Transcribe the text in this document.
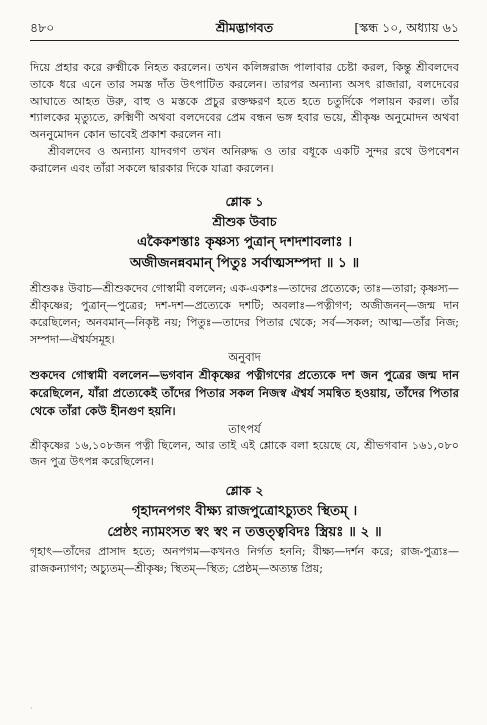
৪৮০	শ্রীমদ্ভাগবত	[স্কন্ধ ১০, অধ্যায় ৬১

দিয়ে প্রহার করে রুক্মীকে নিহত করলেন। তখন কলিঙ্গরাজ পালাবার চেষ্টা করল, কিন্তু শ্রীবলদেব তাকে ধরে এনে তার সমস্ত দাঁত উৎপাটিত করলেন। তারপর অন্যান্য অসৎ রাজারা, বলদেবের আঘাতে আহত উরু, বাহু ও মস্তকে প্রচুর রক্তক্ষরণ হতে হতে চতুর্দিকে পলায়ন করল। তাঁর শ্যালকের মৃত্যুতে, রুক্মিণী অথবা বলদেবের প্রেম বন্ধন ভঙ্গ হবার ভয়ে, শ্রীকৃষ্ণ অনুমোদন অথবা অননুমোদন কোন ভাবেই প্রকাশ করলেন না।

শ্রীবলদেব ও অন্যান্য যাদবগণ তখন অনিরুদ্ধ ও তার বধূকে একটি সুন্দর রথে উপবেশন করালেন এবং তাঁরা সকলে দ্বারকার দিকে যাত্রা করলেন।

শ্লোক ১
শ্রীশুক উবাচ
একৈকশস্তাঃ কৃষ্ণস্য পুত্রান্ দশদশাবলাঃ ।
অজীজনন্নবমান্ পিতুঃ সর্বাত্মসম্পদা ॥ ১ ॥

শ্রীশুকঃ উবাচ—শ্রীশুকদেব গোস্বামী বললেন; এক-একশঃ—তাদের প্রত্যেকে; তাঃ—তারা; কৃষ্ণস্য—শ্রীকৃষ্ণের; পুত্রান্—পুত্রের; দশ-দশ—প্রত্যেকে দশটি; অবলাঃ—পত্নীগণ; অজীজনন্—জন্ম দান করেছিলেন; অনবমান্—নিকৃষ্ট নয়; পিতুঃ—তাদের পিতার থেকে; সর্ব—সকল; আত্ম—তাঁর নিজ; সম্পদা—ঐশ্বর্যসমূহ।

অনুবাদ

শুকদেব গোস্বামী বললেন—ভগবান শ্রীকৃষ্ণের পত্নীগণের প্রত্যেকে দশ জন পুত্রের জন্ম দান করেছিলেন, যাঁরা প্রত্যেকেই তাঁদের পিতার সকল নিজস্ব ঐশ্বর্য সমন্বিত হওয়ায়, তাঁদের পিতার থেকে তাঁরা কেউ হীনগুণ হয়নি।

তাৎপর্য

শ্রীকৃষ্ণের ১৬,১০৮জন পত্নী ছিলেন, আর তাই এই শ্লোকে বলা হয়েছে যে, শ্রীভগবান ১৬১,০৮০ জন পুত্র উৎপন্ন করেছিলেন।

শ্লোক ২
গৃহাদনপগং বীক্ষ্য রাজপুত্রোঽচ্যুতং স্থিতম্ ।
প্রেষ্ঠং ন্যামংসত স্বং স্বং ন তত্তত্ত্ববিদঃ স্ত্রিয়ঃ ॥ ২ ॥

গৃহাৎ—তাঁদের প্রাসাদ হতে; অনপগম—কখনও নির্গত হননি; বীক্ষ্য—দর্শন করে; রাজ-পুত্র্যঃ—রাজকন্যাগণ; অচ্যুতম্—শ্রীকৃষ্ণ; স্থিতম্—স্থিত; প্রেষ্ঠম্—অত্যন্ত প্রিয়;

·
